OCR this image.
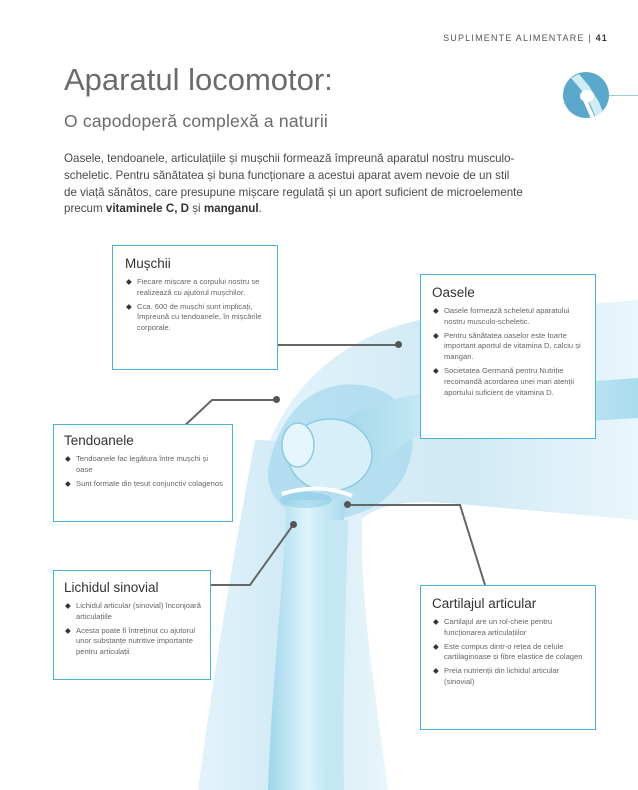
SUPLIMENTE ALIMENTARE | 41
Aparatul locomotor:
O capodoperă complexă a naturii

Oasele, tendoanele, articulațiile și mușchii formează împreună aparatul nostru musculo-scheletic. Pentru sănătatea și buna funcționare a acestui aparat avem nevoie de un stil de viață sănătos, care presupune mișcare regulată și un aport suficient de microelemente precum vitaminele C, D și manganul.

Mușchii
◆ Fiecare mișcare a corpului nostru se realizează cu ajutorul mușchilor.
◆ Cca. 600 de mușchi sunt implicați, împreună cu tendoanele, în mișcările corporale.
Oasele
◆ Oasele formează scheletul aparatului nostru musculo-scheletic.
◆ Pentru sănătatea oaselor este foarte important aportul de vitamina D, calciu și mangan.
◆ Societatea Germană pentru Nutriție recomandă acordarea unei mari atenții aportului suficient de vitamina D.
Tendoanele
◆ Tendoanele fac legătura între mușchi și oase
◆ Sunt formate din țesut conjunctiv colagenos
Lichidul sinovial
◆ Lichidul articular (sinovial) înconjoară articulațiile
◆ Acesta poate fi întreținut cu ajutorul unor substanțe nutritive importante pentru articulații
Cartilajul articular
◆ Cartilajul are un rol-cheie pentru funcționarea articulațiilor
◆ Este compus dintr-o rețea de celule cartilaginoase și fibre elastice de colagen
◆ Preia nutrienții din lichidul articular (sinovial)
